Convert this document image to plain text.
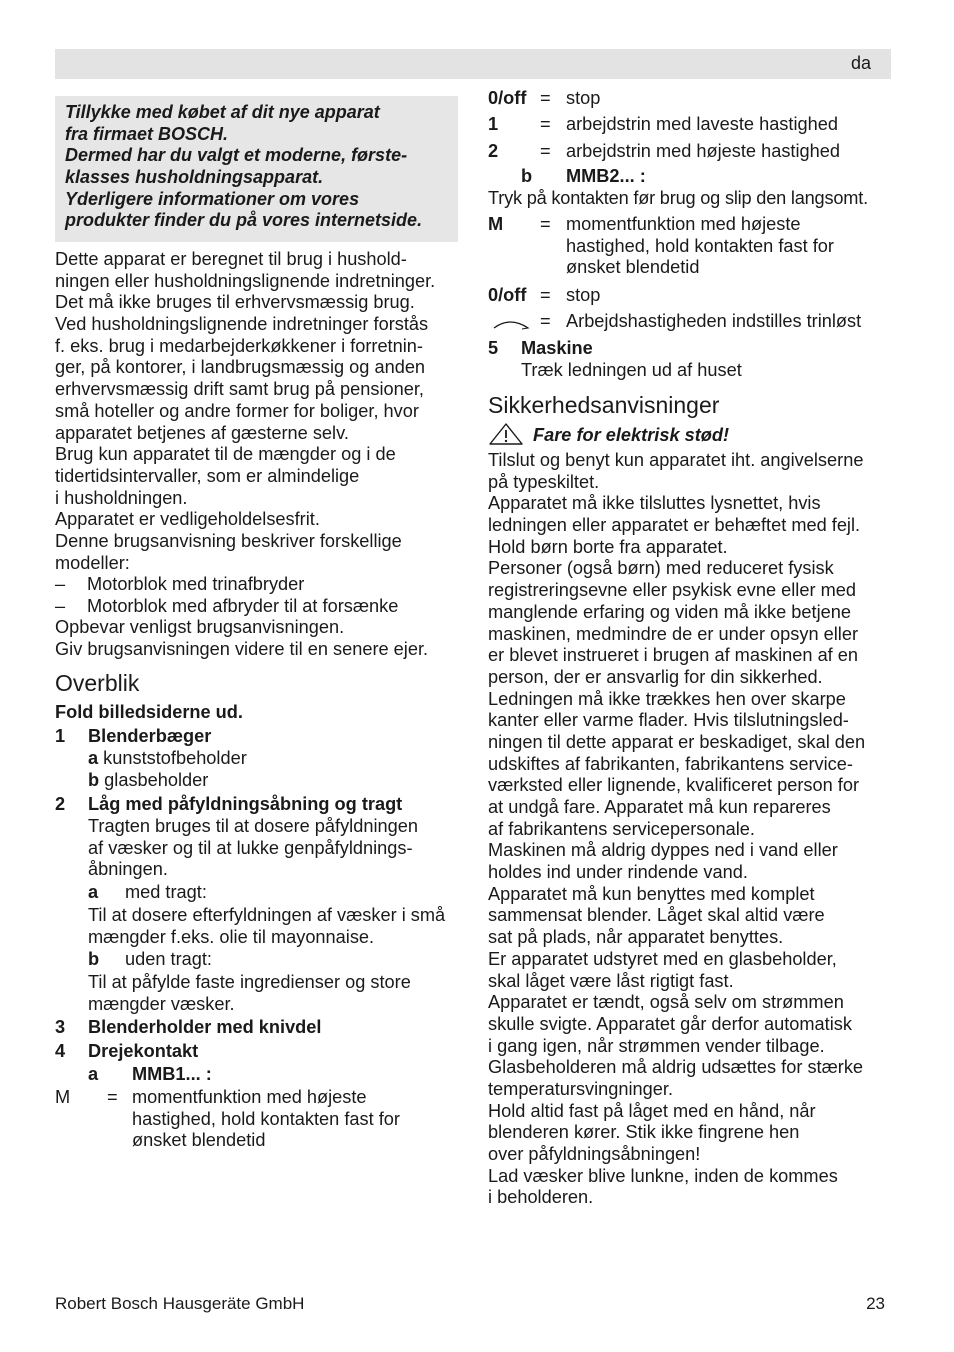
da
Tillykke med købet af dit nye apparat
fra firmaet BOSCH.
Dermed har du valgt et moderne, første-
klasses husholdningsapparat.
Yderligere informationer om vores
produkter finder du på vores internetside.
Dette apparat er beregnet til brug i hushold-
ningen eller husholdningslignende indretninger.
Det må ikke bruges til erhvervsmæssig brug.
Ved husholdningslignende indretninger forstås
f. eks. brug i medarbejderkøkkener i forretnin-
ger, på kontorer, i landbrugsmæssig og anden
erhvervsmæssig drift samt brug på pensioner,
små hoteller og andre former for boliger, hvor
apparatet betjenes af gæsterne selv.
Brug kun apparatet til de mængder og i de
tidertidsintervaller, som er almindelige
i husholdningen.
Apparatet er vedligeholdelsesfrit.
Denne brugsanvisning beskriver forskellige
modeller:
– Motorblok med trinafbryder
– Motorblok med afbryder til at forsænke
Opbevar venligst brugsanvisningen.
Giv brugsanvisningen videre til en senere ejer.
Overblik
Fold billedsiderne ud.
1 Blenderbæger
a kunststofbeholder
b glasbeholder
2 Låg med påfyldningsåbning og tragt
Tragten bruges til at dosere påfyldningen
af væsker og til at lukke genpåfyldnings-
åbningen.
a med tragt:
Til at dosere efterfyldningen af væsker i små
mængder f.eks. olie til mayonnaise.
b uden tragt:
Til at påfylde faste ingredienser og store
mængder væsker.
3 Blenderholder med knivdel
4 Drejekontakt
a MMB1... :
M = momentfunktion med højeste
hastighed, hold kontakten fast for
ønsket blendetid
0/off = stop
1 = arbejdstrin med laveste hastighed
2 = arbejdstrin med højeste hastighed
b MMB2... :
Tryk på kontakten før brug og slip den langsomt.
M = momentfunktion med højeste
hastighed, hold kontakten fast for
ønsket blendetid
0/off = stop
= Arbejdshastigheden indstilles trinløst
5 Maskine
Træk ledningen ud af huset
Sikkerhedsanvisninger
Fare for elektrisk stød!
Tilslut og benyt kun apparatet iht. angivelserne
på typeskiltet.
Apparatet må ikke tilsluttes lysnettet, hvis
ledningen eller apparatet er behæftet med fejl.
Hold børn borte fra apparatet.
Personer (også børn) med reduceret fysisk
registreringsevne eller psykisk evne eller med
manglende erfaring og viden må ikke betjene
maskinen, medmindre de er under opsyn eller
er blevet instrueret i brugen af maskinen af en
person, der er ansvarlig for din sikkerhed.
Ledningen må ikke trækkes hen over skarpe
kanter eller varme flader. Hvis tilslutningsled-
ningen til dette apparat er beskadiget, skal den
udskiftes af fabrikanten, fabrikantens service-
værksted eller lignende, kvalificeret person for
at undgå fare. Apparatet må kun repareres
af fabrikantens servicepersonale.
Maskinen må aldrig dyppes ned i vand eller
holdes ind under rindende vand.
Apparatet må kun benyttes med komplet
sammensat blender. Låget skal altid være
sat på plads, når apparatet benyttes.
Er apparatet udstyret med en glasbeholder,
skal låget være låst rigtigt fast.
Apparatet er tændt, også selv om strømmen
skulle svigte. Apparatet går derfor automatisk
i gang igen, når strømmen vender tilbage.
Glasbeholderen må aldrig udsættes for stærke
temperatursvingninger.
Hold altid fast på låget med en hånd, når
blenderen kører. Stik ikke fingrene hen
over påfyldningsåbningen!
Lad væsker blive lunkne, inden de kommes
i beholderen.
Robert Bosch Hausgeräte GmbH	23
